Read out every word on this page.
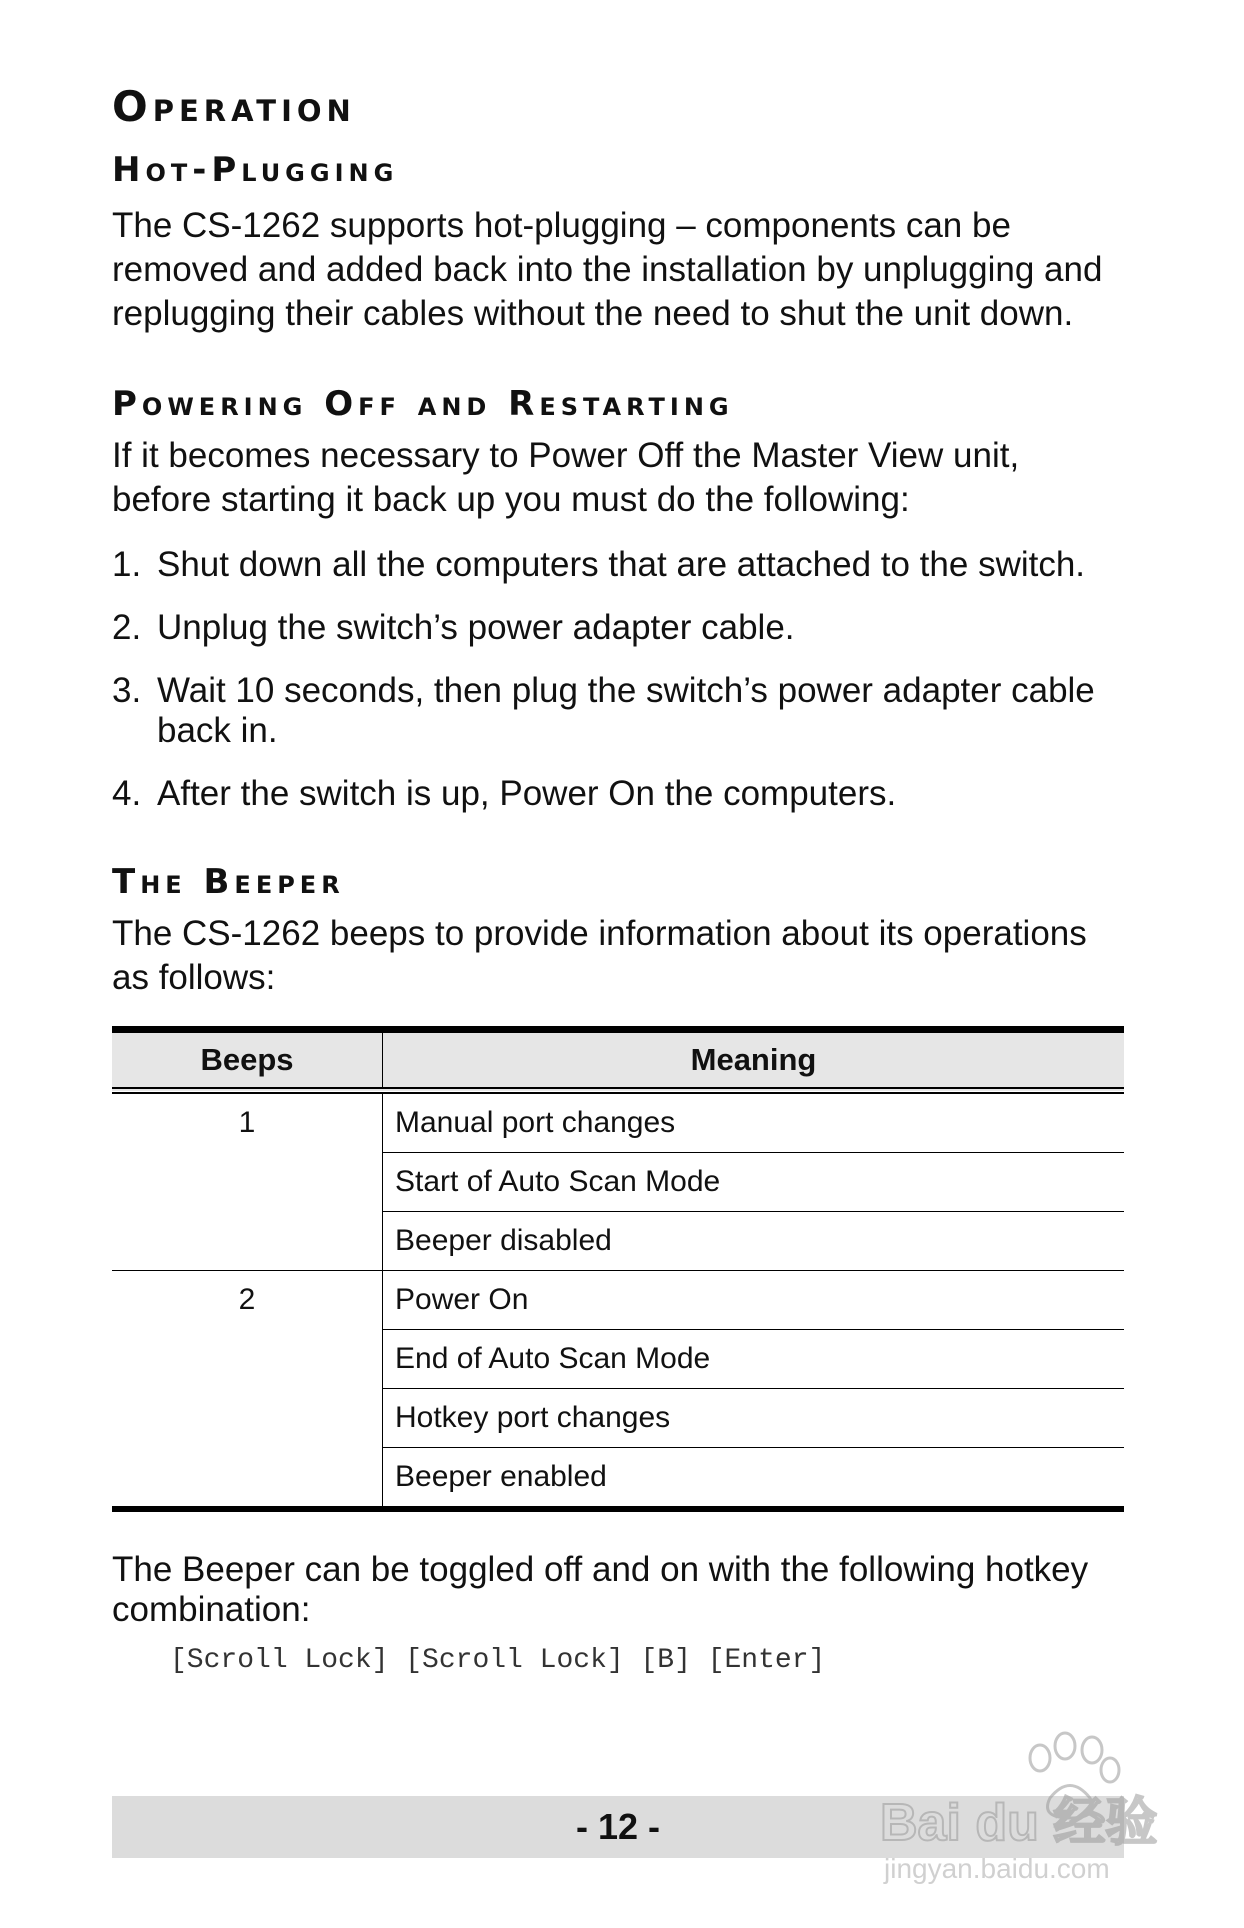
Operation
Hot-Plugging

The CS-1262 supports hot-plugging – components can be removed and added back into the installation by unplugging and replugging their cables without the need to shut the unit down.

Powering Off and Restarting

If it becomes necessary to Power Off the Master View unit, before starting it back up you must do the following:

1. Shut down all the computers that are attached to the switch.
2. Unplug the switch’s power adapter cable.
3. Wait 10 seconds, then plug the switch’s power adapter cable back in.
4. After the switch is up, Power On the computers.
The Beeper

The CS-1262 beeps to provide information about its operations as follows:

Beeps	Meaning
1	Manual port changes
	Start of Auto Scan Mode
	Beeper disabled
2	Power On
	End of Auto Scan Mode
	Hotkey port changes
	Beeper enabled

The Beeper can be toggled off and on with the following hotkey combination:

[Scroll Lock] [Scroll Lock] [B] [Enter]
- 12 -	Bai du 经验
jingyan.baidu.com
